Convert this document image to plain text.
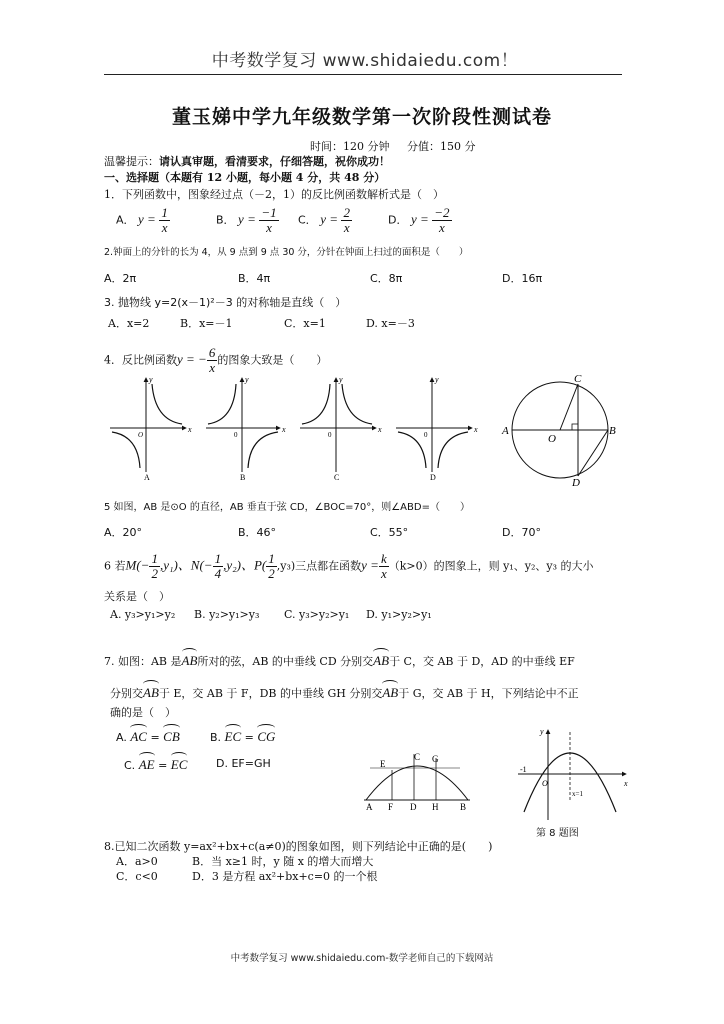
中考数学复习 www.shidaiedu.com！
董玉娣中学九年级数学第一次阶段性测试卷
时间：120 分钟 分值：150 分
温馨提示：请认真审题，看清要求，仔细答题，祝你成功！
一、选择题（本题有 12 小题，每小题 4 分，共 48 分）
1．下列函数中，图象经过点（－2，1）的反比例函数解析式是（　）
A． $y = \frac{1}{x}$	B． $y = \frac{-1}{x}$ C． $y = \frac{2}{x}$	D． $y = \frac{-2}{x}$
2.钟面上的分针的长为 4，从 9 点到 9 点 30 分，分针在钟面上扫过的面积是（　　）
A．2π	B．4π	C．8π	D．16π
3. 抛物线 y=2(x－1)²－3 的对称轴是直线（　）
A．x=2	B．x=－1	C．x=1	D. x=－3
4．反比例函数y = − $\frac{6}{x}$ 的图象大致是（　　）
x
y
O
A
x
y
0
B
x
y
0
C
x
y
0
D
A	B
C
D
O
5 如图，AB 是⊙O 的直径，AB 垂直于弦 CD，∠BOC=70°，则∠ABD=（　　）
A．20°	B．46°	C．55°	D．70°
6 若$M(- \frac{1}{2} ,y_1)$、$N(- \frac{1}{4} ,y_2)$、$P( \frac{1}{2} ,y_3)$三点都在函数$y = \frac{k}{x} (k>0)$的图象上，则 y₁、y₂、y₃ 的大小
关系是（　）
A. y₃>y₁>y₂ B. y₂>y₁>y₃ C. y₃>y₂>y₁ D. y₁>y₂>y₁
7. 如图：AB 是AB所对的弦，AB 的中垂线 CD 分别交AB于 C，交 AB 于 D，AD 的中垂线 EF
分别交AB于 E，交 AB 于 F，DB 的中垂线 GH 分别交AB于 G，交 AB 于 H，下列结论中不正
确的是（　）
A. AC = CB	B. EC = CG
C. AE = EC	D. EF=GH	E
C G
A F D H B
y
x
O
-1
x=1
第 8 题图
8.已知二次函数 y=ax²+bx+c(a≠0)的图象如图，则下列结论中正确的是(　　)
A．a>0	B．当 x≥1 时，y 随 x 的增大而增大
C．c<0	D．3 是方程 ax²+bx+c=0 的一个根
中考数学复习 www.shidaiedu.com-数学老师自己的下载网站
